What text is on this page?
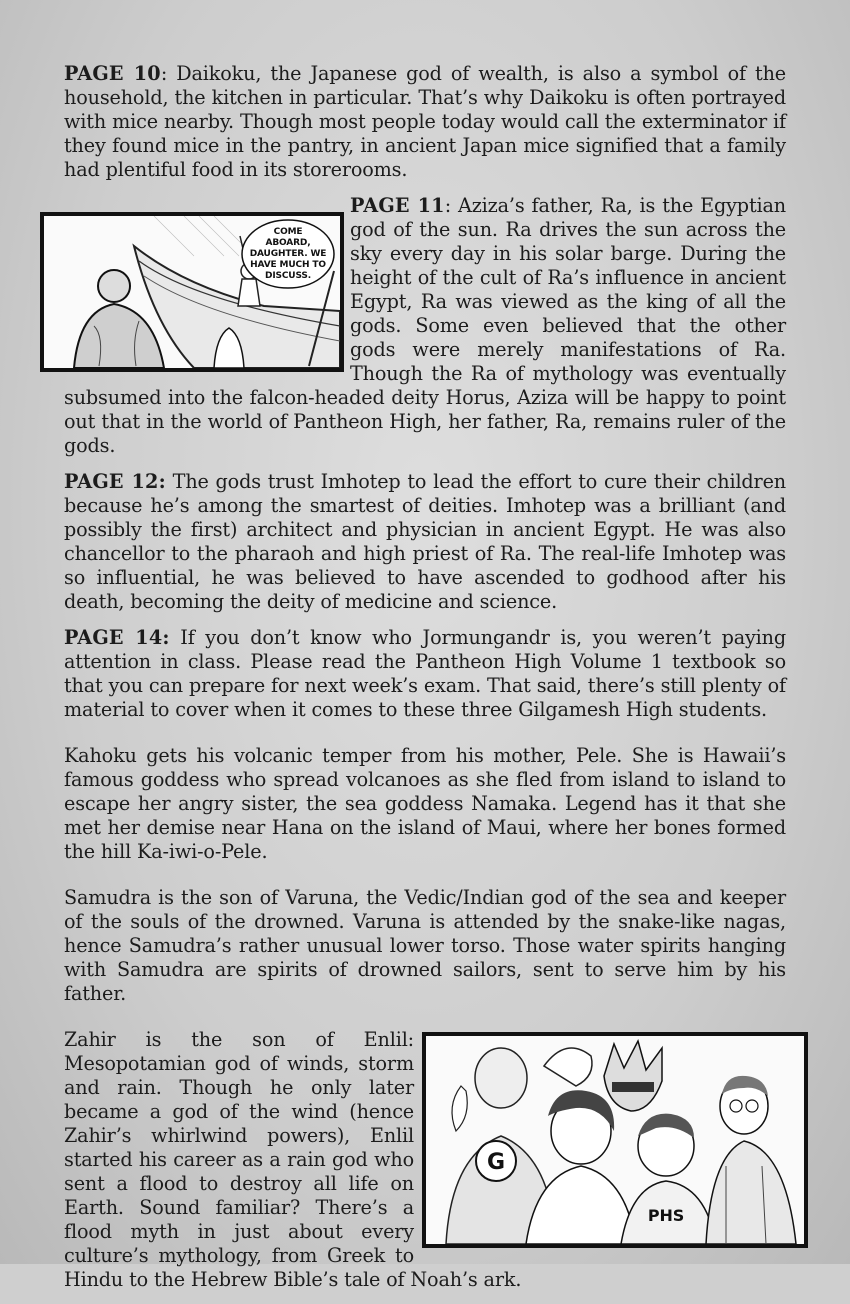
PAGE 10: Daikoku, the Japanese god of wealth, is also a symbol of the household, the kitchen in particular. That’s why Daikoku is often portrayed with mice nearby. Though most people today would call the exterminator if they found mice in the pantry, in ancient Japan mice signified that a family had plentiful food in its storerooms.

COME
ABOARD,
DAUGHTER. WE
HAVE MUCH TO
DISCUSS.
PAGE 11: Aziza’s father, Ra, is the Egyptian god of the sun. Ra drives the sun across the sky every day in his solar barge. During the height of the cult of Ra’s influence in ancient Egypt, Ra was viewed as the king of all the gods. Some even believed that the other gods were merely manifestations of Ra. Though the Ra of mythology was eventually subsumed into the falcon-headed deity Horus, Aziza will be happy to point out that in the world of Pantheon High, her father, Ra, remains ruler of the gods.

PAGE 12: The gods trust Imhotep to lead the effort to cure their children because he’s among the smartest of deities. Imhotep was a brilliant (and possibly the first) architect and physician in ancient Egypt. He was also chancellor to the pharaoh and high priest of Ra. The real-life Imhotep was so influential, he was believed to have ascended to godhood after his death, becoming the deity of medicine and science.

PAGE 14: If you don’t know who Jormungandr is, you weren’t paying attention in class. Please read the Pantheon High Volume 1 textbook so that you can prepare for next week’s exam. That said, there’s still plenty of material to cover when it comes to these three Gilgamesh High students.

Kahoku gets his volcanic temper from his mother, Pele. She is Hawaii’s famous goddess who spread volcanoes as she fled from island to island to escape her angry sister, the sea goddess Namaka. Legend has it that she met her demise near Hana on the island of Maui, where her bones formed the hill Ka-iwi-o-Pele.

Samudra is the son of Varuna, the Vedic/Indian god of the sea and keeper of the souls of the drowned. Varuna is attended by the snake-like nagas, hence Samudra’s rather unusual lower torso. Those water spirits hanging with Samudra are spirits of drowned sailors, sent to serve him by his father.

G
PHS
Zahir is the son of Enlil: Mesopotamian god of winds, storm and rain. Though he only later became a god of the wind (hence Zahir’s whirlwind powers), Enlil started his career as a rain god who sent a flood to destroy all life on Earth. Sound familiar? There’s a flood myth in just about every culture’s mythology, from Greek to Hindu to the Hebrew Bible’s tale of Noah’s ark.
